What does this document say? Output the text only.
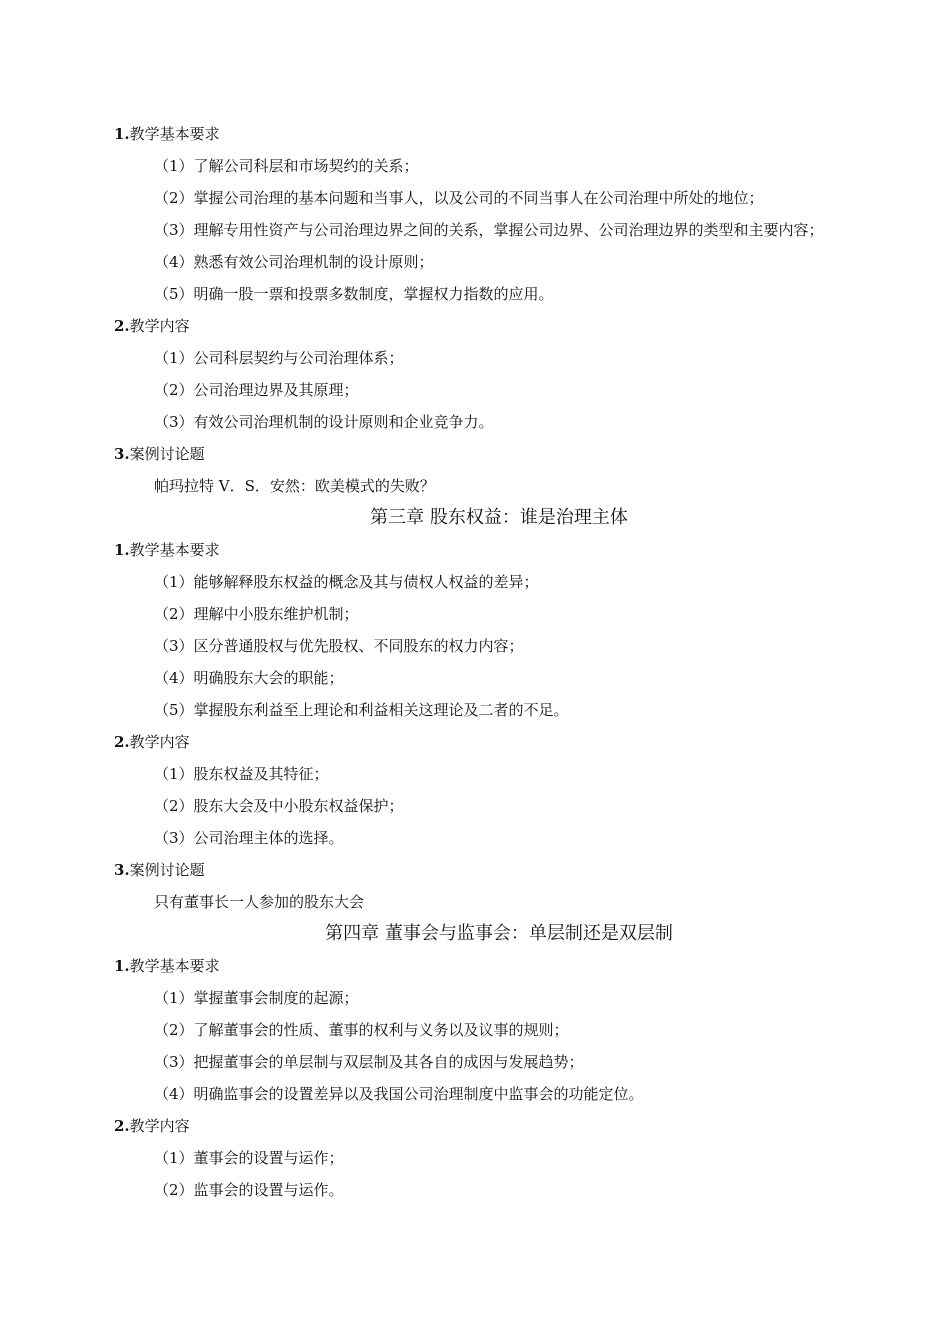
1.教学基本要求
（1）了解公司科层和市场契约的关系；
（2）掌握公司治理的基本问题和当事人，以及公司的不同当事人在公司治理中所处的地位；
（3）理解专用性资产与公司治理边界之间的关系，掌握公司边界、公司治理边界的类型和主要内容；
（4）熟悉有效公司治理机制的设计原则；
（5）明确一股一票和投票多数制度，掌握权力指数的应用。
2.教学内容
（1）公司科层契约与公司治理体系；
（2）公司治理边界及其原理；
（3）有效公司治理机制的设计原则和企业竞争力。
3.案例讨论题
帕玛拉特 V．S．安然：欧美模式的失败？
第三章 股东权益：谁是治理主体
1.教学基本要求
（1）能够解释股东权益的概念及其与债权人权益的差异；
（2）理解中小股东维护机制；
（3）区分普通股权与优先股权、不同股东的权力内容；
（4）明确股东大会的职能；
（5）掌握股东利益至上理论和利益相关这理论及二者的不足。
2.教学内容
（1）股东权益及其特征；
（2）股东大会及中小股东权益保护；
（3）公司治理主体的选择。
3.案例讨论题
只有董事长一人参加的股东大会
第四章 董事会与监事会：单层制还是双层制
1.教学基本要求
（1）掌握董事会制度的起源；
（2）了解董事会的性质、董事的权利与义务以及议事的规则；
（3）把握董事会的单层制与双层制及其各自的成因与发展趋势；
（4）明确监事会的设置差异以及我国公司治理制度中监事会的功能定位。
2.教学内容
（1）董事会的设置与运作；
（2）监事会的设置与运作。
